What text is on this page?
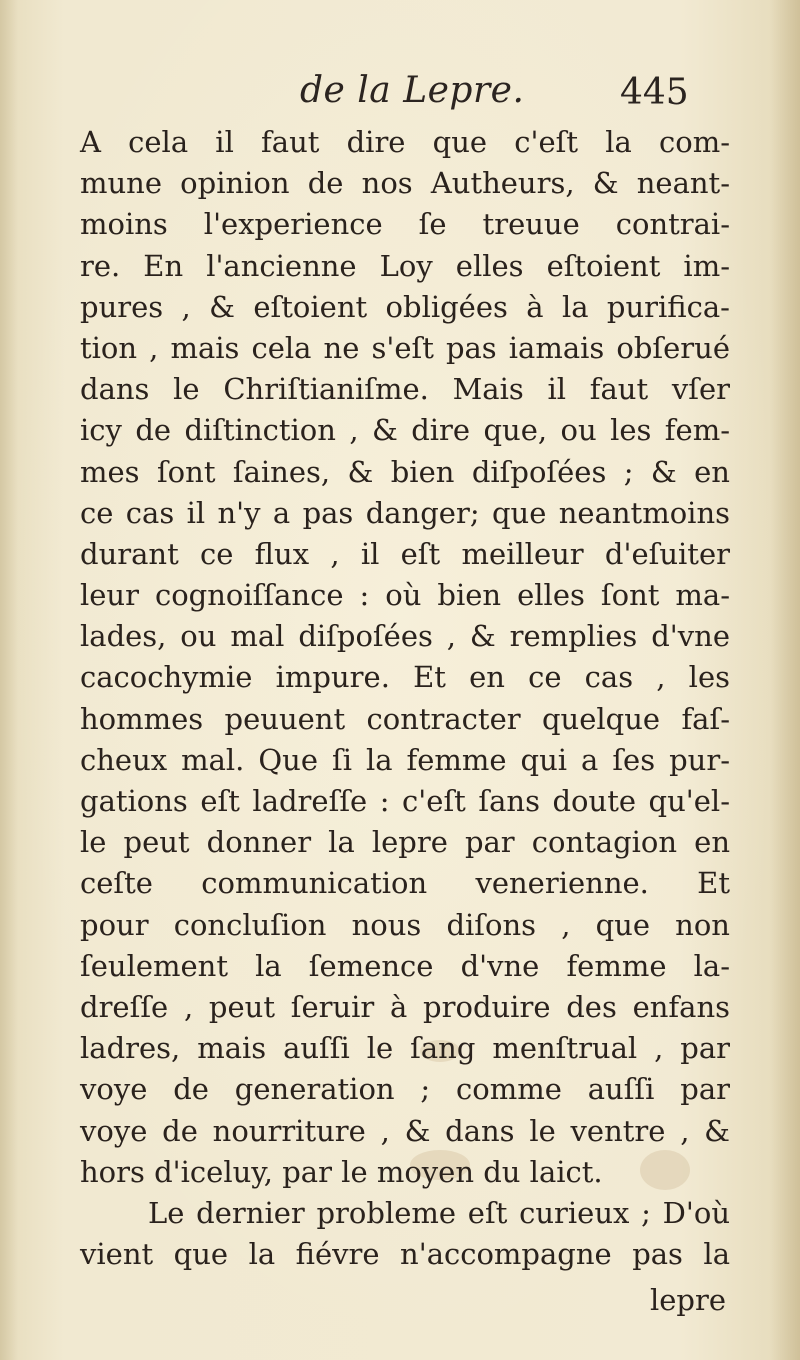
de la Lepre.	445
A cela il faut dire que c'eſt la com-
mune opinion de nos Autheurs, & neant-
moins l'experience ſe treuue contrai-
re. En l'ancienne Loy elles eſtoient im-
pures , & eſtoient obligées à la purifica-
tion , mais cela ne s'eſt pas iamais obſerué
dans le Chriſtianiſme. Mais il faut vſer
icy de diſtinction , & dire que, ou les fem-
mes ſont ſaines, & bien diſpoſées ; & en
ce cas il n'y a pas danger; que neantmoins
durant ce flux , il eſt meilleur d'eſuiter
leur cognoiſſance : où bien elles ſont ma-
lades, ou mal diſpoſées , & remplies d'vne
cacochymie impure. Et en ce cas , les
hommes peuuent contracter quelque faſ-
cheux mal. Que ſi la femme qui a ſes pur-
gations eſt ladreſſe : c'eſt ſans doute qu'el-
le peut donner la lepre par contagion en
ceſte communication venerienne. Et
pour concluſion nous diſons , que non
ſeulement la ſemence d'vne femme la-
dreſſe , peut ſeruir à produire des enfans
ladres, mais auſſi le ſang menſtrual , par
voye de generation ; comme auſſi par
voye de nourriture , & dans le ventre , &
hors d'iceluy, par le moyen du laict.
Le dernier probleme eſt curieux ; D'où
vient que la fiévre n'accompagne pas la
lepre
